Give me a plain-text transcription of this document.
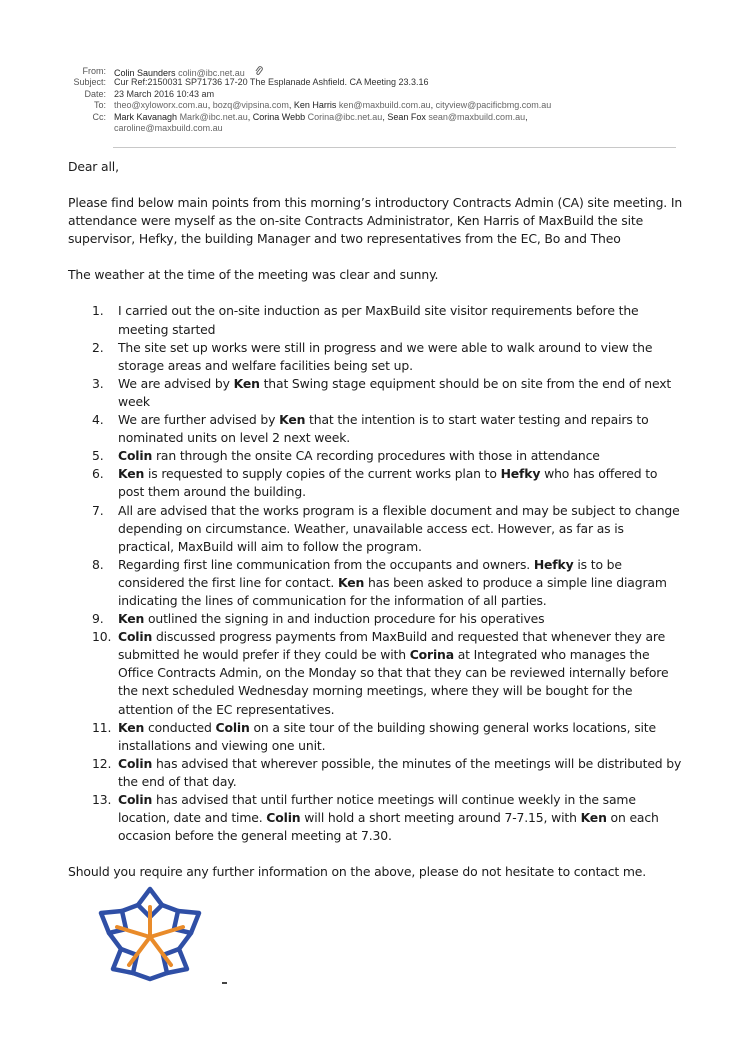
From: Colin Saunders colin@ibc.net.au
Subject: Cur Ref:2150031 SP71736 17-20 The Esplanade Ashfield. CA Meeting 23.3.16
Date: 23 March 2016 10:43 am
To: theo@xyloworx.com.au, bozq@vipsina.com, Ken Harris ken@maxbuild.com.au, cityview@pacificbmg.com.au
Cc: Mark Kavanagh Mark@ibc.net.au, Corina Webb Corina@ibc.net.au, Sean Fox sean@maxbuild.com.au,
caroline@maxbuild.com.au

Dear all,

Please find below main points from this morning’s introductory Contracts Admin (CA) site meeting. In attendance were myself as the on-site Contracts Administrator, Ken Harris of MaxBuild the site supervisor, Hefky, the building Manager and two representatives from the EC, Bo and Theo

The weather at the time of the meeting was clear and sunny.

1. I carried out the on-site induction as per MaxBuild site visitor requirements before the meeting started
2. The site set up works were still in progress and we were able to walk around to view the storage areas and welfare facilities being set up.
3. We are advised by Ken that Swing stage equipment should be on site from the end of next week
4. We are further advised by Ken that the intention is to start water testing and repairs to nominated units on level 2 next week.
5. Colin ran through the onsite CA recording procedures with those in attendance
6. Ken is requested to supply copies of the current works plan to Hefky who has offered to post them around the building.
7. All are advised that the works program is a flexible document and may be subject to change depending on circumstance. Weather, unavailable access ect. However, as far as is practical, MaxBuild will aim to follow the program.
8. Regarding first line communication from the occupants and owners. Hefky is to be considered the first line for contact. Ken has been asked to produce a simple line diagram indicating the lines of communication for the information of all parties.
9. Ken outlined the signing in and induction procedure for his operatives
10. Colin discussed progress payments from MaxBuild and requested that whenever they are submitted he would prefer if they could be with Corina at Integrated who manages the Office Contracts Admin, on the Monday so that that they can be reviewed internally before the next scheduled Wednesday morning meetings, where they will be bought for the attention of the EC representatives.
11. Ken conducted Colin on a site tour of the building showing general works locations, site installations and viewing one unit.
12. Colin has advised that wherever possible, the minutes of the meetings will be distributed by the end of that day.
13. Colin has advised that until further notice meetings will continue weekly in the same location, date and time. Colin will hold a short meeting around 7-7.15, with Ken on each occasion before the general meeting at 7.30.

Should you require any further information on the above, please do not hesitate to contact me.
